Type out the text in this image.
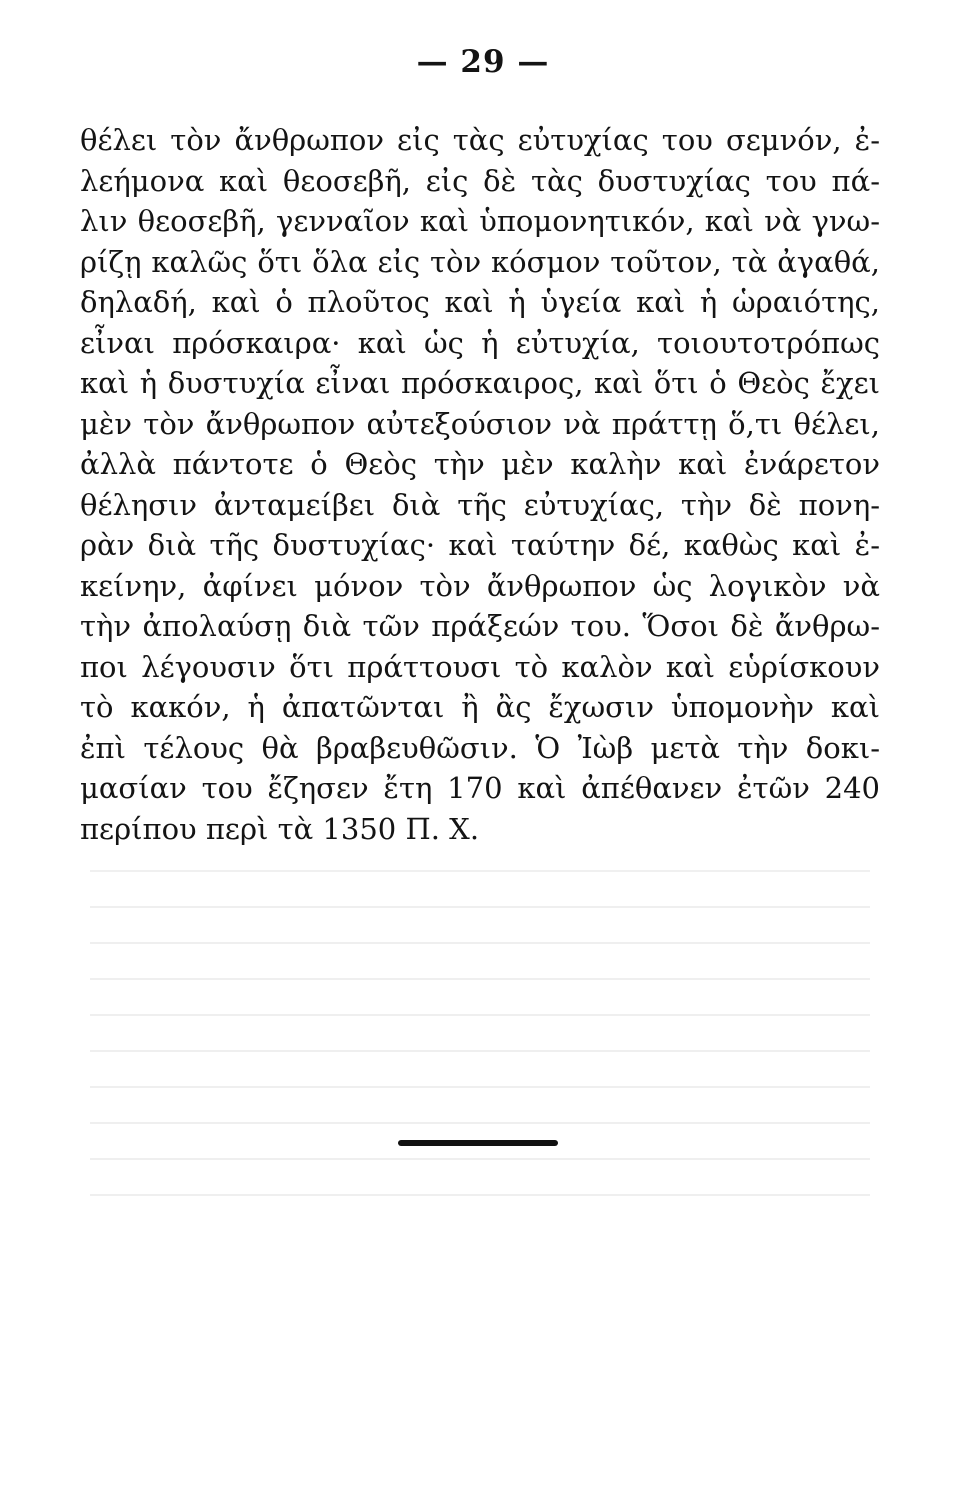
— 29 —
θέλει τὸν ἄνθρωπον εἰς τὰς εὐτυχίας του σεμνόν, ἐ-
λεήμονα καὶ θεοσεβῆ, εἰς δὲ τὰς δυστυχίας του πά-
λιν θεοσεβῆ, γενναῖον καὶ ὑπομονητικόν, καὶ νὰ γνω-
ρίζῃ καλῶς ὅτι ὅλα εἰς τὸν κόσμον τοῦτον, τὰ ἀγαθά,
δηλαδή, καὶ ὁ πλοῦτος καὶ ἡ ὑγεία καὶ ἡ ὡραιότης,
εἶναι πρόσκαιρα· καὶ ὡς ἡ εὐτυχία, τοιουτοτρόπως
καὶ ἡ δυστυχία εἶναι πρόσκαιρος, καὶ ὅτι ὁ Θεὸς ἔχει
μὲν τὸν ἄνθρωπον αὐτεξούσιον νὰ πράττῃ ὅ,τι θέλει,
ἀλλὰ πάντοτε ὁ Θεὸς τὴν μὲν καλὴν καὶ ἐνάρετον
θέλησιν ἀνταμείβει διὰ τῆς εὐτυχίας, τὴν δὲ πονη-
ρὰν διὰ τῆς δυστυχίας· καὶ ταύτην δέ, καθὼς καὶ ἐ-
κείνην, ἀφίνει μόνον τὸν ἄνθρωπον ὡς λογικὸν νὰ
τὴν ἀπολαύσῃ διὰ τῶν πράξεών του. Ὅσοι δὲ ἄνθρω-
ποι λέγουσιν ὅτι πράττουσι τὸ καλὸν καὶ εὑρίσκουν
τὸ κακόν, ἡ ἀπατῶνται ἢ ἂς ἔχωσιν ὑπομονὴν καὶ
ἐπὶ τέλους θὰ βραβευθῶσιν. Ὁ Ἰὼβ μετὰ τὴν δοκι-
μασίαν του ἔζησεν ἔτη 170 καὶ ἀπέθανεν ἐτῶν 240
περίπου περὶ τὰ 1350 Π. Χ.
